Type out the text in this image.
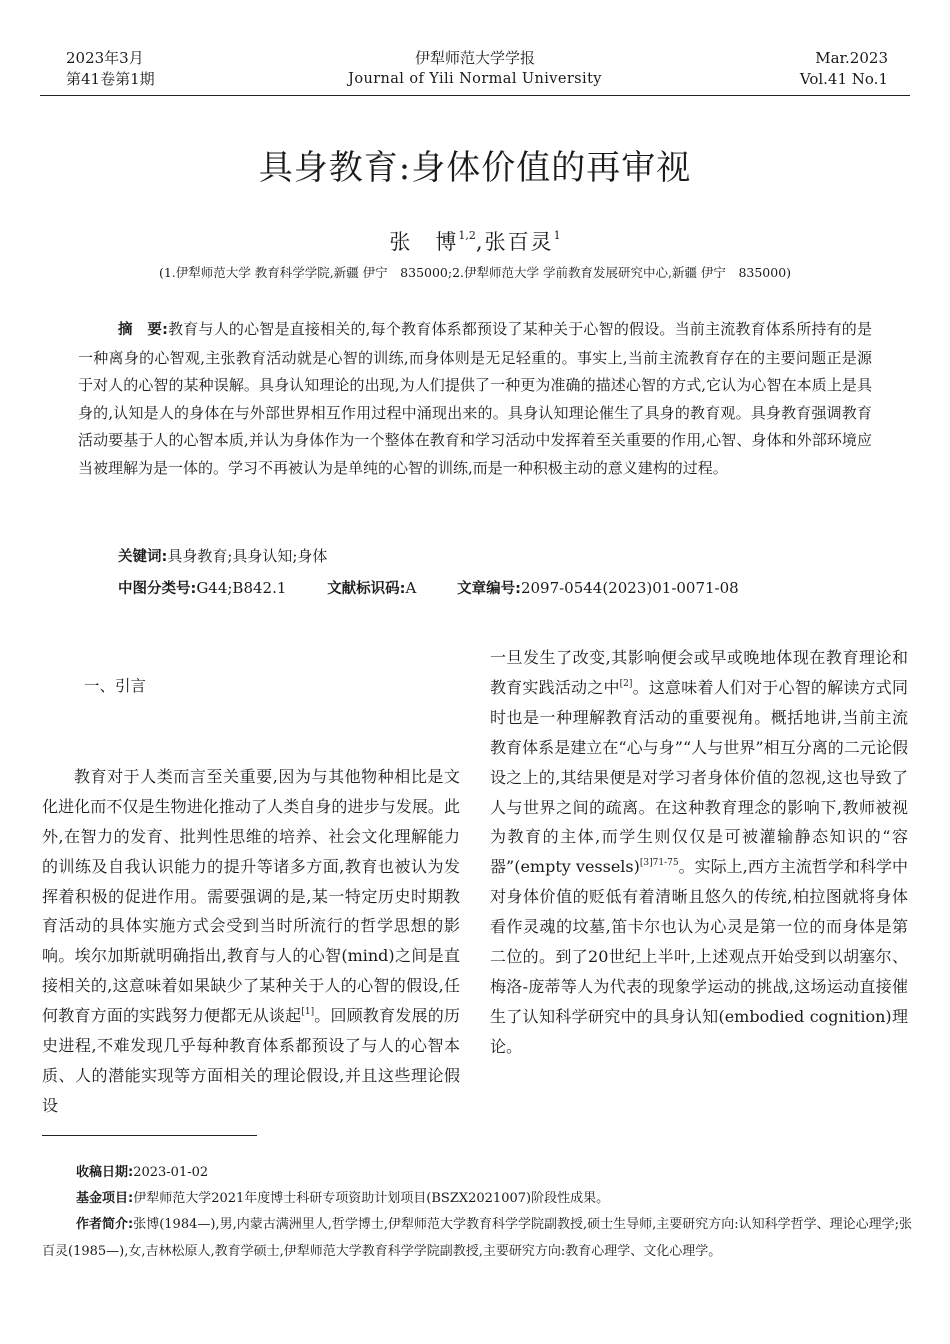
2023年3月
第41卷第1期
伊犁师范大学学报
Journal of Yili Normal University
Mar.2023
Vol.41 No.1
具身教育:身体价值的再审视
张　博$^{1,2}$,张百灵$^1$
(1.伊犁师范大学 教育科学学院,新疆 伊宁　835000;2.伊犁师范大学 学前教育发展研究中心,新疆 伊宁　835000)
摘　要:教育与人的心智是直接相关的,每个教育体系都预设了某种关于心智的假设。当前主流教育体系所持有的是一种离身的心智观,主张教育活动就是心智的训练,而身体则是无足轻重的。事实上,当前主流教育存在的主要问题正是源于对人的心智的某种误解。具身认知理论的出现,为人们提供了一种更为准确的描述心智的方式,它认为心智在本质上是具身的,认知是人的身体在与外部世界相互作用过程中涌现出来的。具身认知理论催生了具身的教育观。具身教育强调教育活动要基于人的心智本质,并认为身体作为一个整体在教育和学习活动中发挥着至关重要的作用,心智、身体和外部环境应当被理解为是一体的。学习不再被认为是单纯的心智的训练,而是一种积极主动的意义建构的过程。
关键词:具身教育;具身认知;身体
中图分类号:G44;B842.1	文献标识码:A	文章编号:2097-0544(2023)01-0071-08
一、引言

教育对于人类而言至关重要,因为与其他物种相比是文化进化而不仅是生物进化推动了人类自身的进步与发展。此外,在智力的发育、批判性思维的培养、社会文化理解能力的训练及自我认识能力的提升等诸多方面,教育也被认为发挥着积极的促进作用。需要强调的是,某一特定历史时期教育活动的具体实施方式会受到当时所流行的哲学思想的影响。埃尔加斯就明确指出,教育与人的心智(mind)之间是直接相关的,这意味着如果缺少了某种关于人的心智的假设,任何教育方面的实践努力便都无从谈起[1]。回顾教育发展的历史进程,不难发现几乎每种教育体系都预设了与人的心智本质、人的潜能实现等方面相关的理论假设,并且这些理论假设

一旦发生了改变,其影响便会或早或晚地体现在教育理论和教育实践活动之中[2]。这意味着人们对于心智的解读方式同时也是一种理解教育活动的重要视角。概括地讲,当前主流教育体系是建立在“心与身”“人与世界”相互分离的二元论假设之上的,其结果便是对学习者身体价值的忽视,这也导致了人与世界之间的疏离。在这种教育理念的影响下,教师被视为教育的主体,而学生则仅仅是可被灌输静态知识的“容器”(empty vessels)$^{[3]71-75}$。实际上,西方主流哲学和科学中对身体价值的贬低有着清晰且悠久的传统,柏拉图就将身体看作灵魂的坟墓,笛卡尔也认为心灵是第一位的而身体是第二位的。到了20世纪上半叶,上述观点开始受到以胡塞尔、梅洛-庞蒂等人为代表的现象学运动的挑战,这场运动直接催生了认知科学研究中的具身认知(embodied cognition)理论。

收稿日期:2023-01-02
基金项目:伊犁师范大学2021年度博士科研专项资助计划项目(BSZX2021007)阶段性成果。
作者简介:张博(1984—),男,内蒙古满洲里人,哲学博士,伊犁师范大学教育科学学院副教授,硕士生导师,主要研究方向:认知科学哲学、理论心理学;张百灵(1985—),女,吉林松原人,教育学硕士,伊犁师范大学教育科学学院副教授,主要研究方向:教育心理学、文化心理学。
